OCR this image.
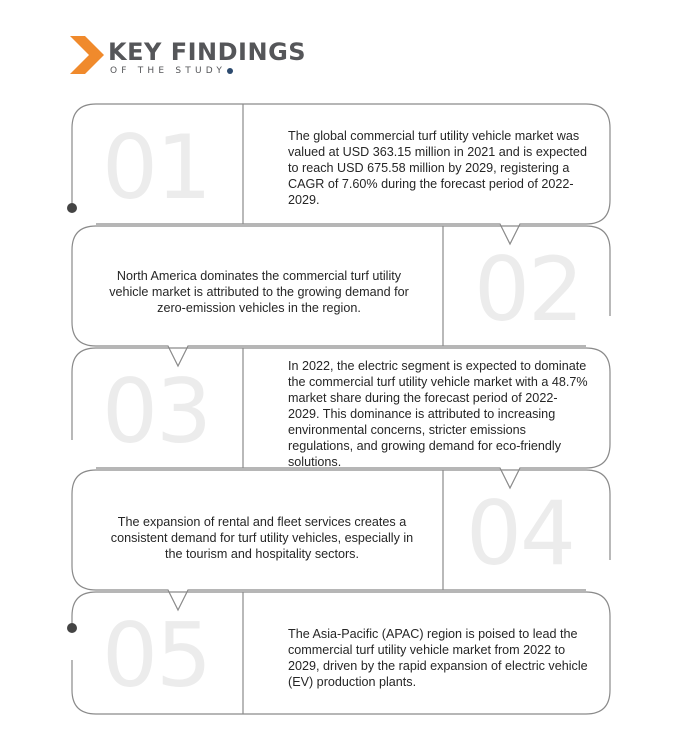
KEY FINDINGS
OF THE STUDY
01	The global commercial turf utility vehicle market was valued at USD 363.15 million in 2021 and is expected to reach USD 675.58 million by 2029, registering a CAGR of 7.60% during the forecast period of 2022-2029.
02
North America dominates the commercial turf utility vehicle market is attributed to the growing demand for zero-emission vehicles in the region.
03	In 2022, the electric segment is expected to dominate the commercial turf utility vehicle market with a 48.7% market share during the forecast period of 2022-2029. This dominance is attributed to increasing environmental concerns, stricter emissions regulations, and growing demand for eco-friendly solutions.
04
The expansion of rental and fleet services creates a consistent demand for turf utility vehicles, especially in the tourism and hospitality sectors.
05	The Asia-Pacific (APAC) region is poised to lead the commercial turf utility vehicle market from 2022 to 2029, driven by the rapid expansion of electric vehicle (EV) production plants.
